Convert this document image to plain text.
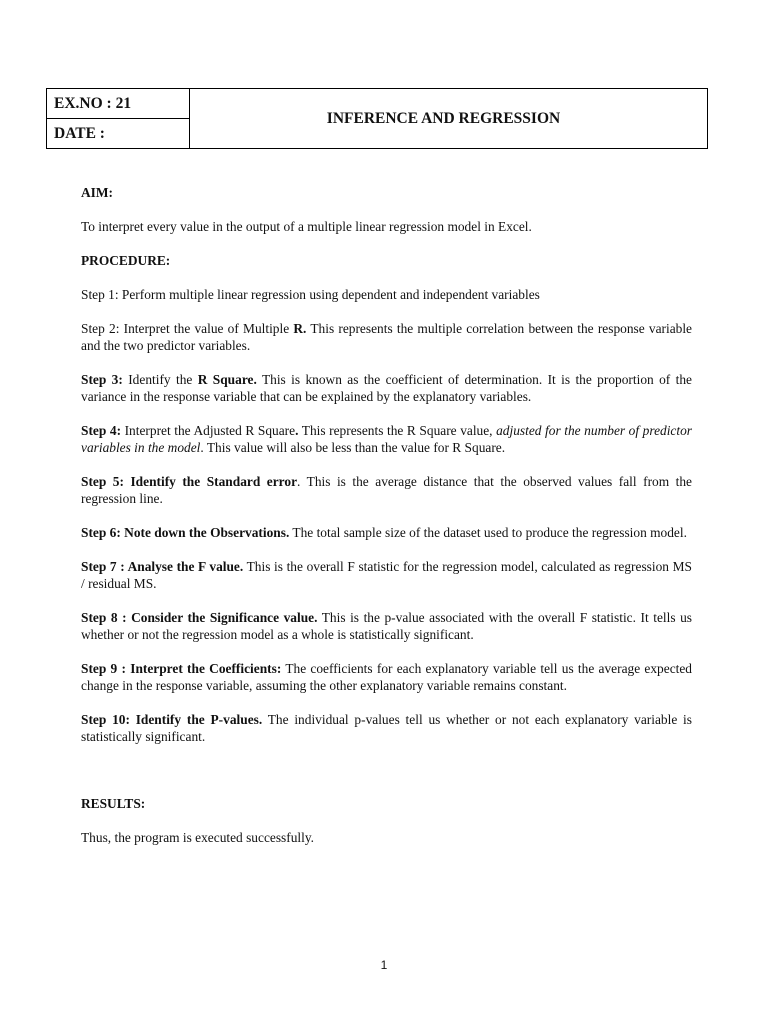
EX.NO : 21
DATE :
INFERENCE AND REGRESSION

AIM:

To interpret every value in the output of a multiple linear regression model in Excel.

PROCEDURE:

Step 1: Perform multiple linear regression using dependent and independent variables

Step 2: Interpret the value of Multiple R. This represents the multiple correlation between the response variable and the two predictor variables.

Step 3: Identify the R Square. This is known as the coefficient of determination. It is the proportion of the variance in the response variable that can be explained by the explanatory variables.

Step 4: Interpret the Adjusted R Square. This represents the R Square value, adjusted for the number of predictor variables in the model. This value will also be less than the value for R Square.

Step 5: Identify the Standard error. This is the average distance that the observed values fall from the regression line.

Step 6: Note down the Observations. The total sample size of the dataset used to produce the regression model.

Step 7 : Analyse the F value. This is the overall F statistic for the regression model, calculated as regression MS / residual MS.

Step 8 : Consider the Significance value. This is the p-value associated with the overall F statistic. It tells us whether or not the regression model as a whole is statistically significant.

Step 9 : Interpret the Coefficients: The coefficients for each explanatory variable tell us the average expected change in the response variable, assuming the other explanatory variable remains constant.

Step 10: Identify the P-values. The individual p-values tell us whether or not each explanatory variable is statistically significant.

RESULTS:

Thus, the program is executed successfully.

1
